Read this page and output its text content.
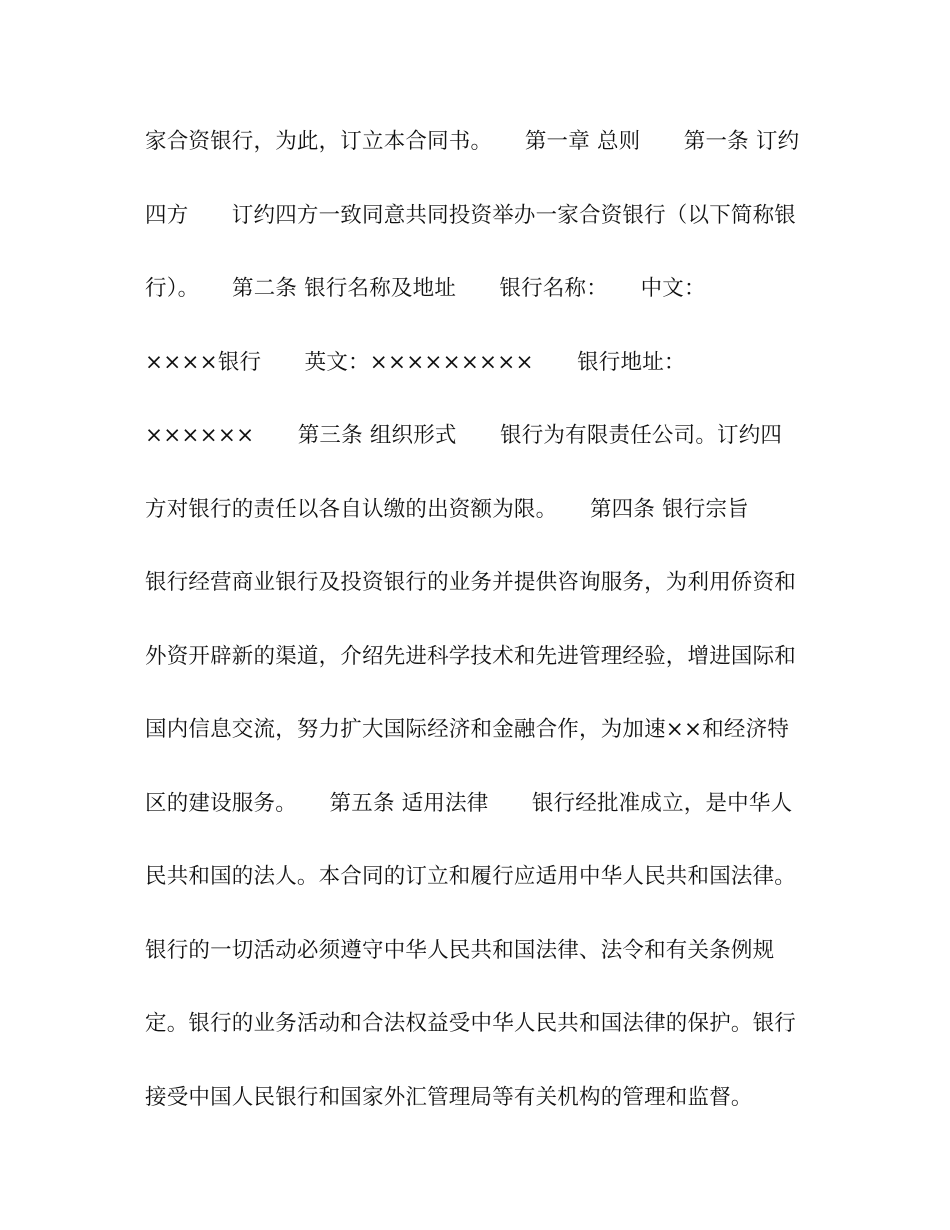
家合资银行，为此，订立本合同书。　　第一章 总则　　第一条 订约
四方　　订约四方一致同意共同投资举办一家合资银行（以下简称银
行）。　　第二条 银行名称及地址　　银行名称：　　中文：
××××银行　　英文：×××××××××　　银行地址：
××××××　　第三条 组织形式　　银行为有限责任公司。订约四
方对银行的责任以各自认缴的出资额为限。　　第四条 银行宗旨
银行经营商业银行及投资银行的业务并提供咨询服务，为利用侨资和
外资开辟新的渠道，介绍先进科学技术和先进管理经验，增进国际和
国内信息交流，努力扩大国际经济和金融合作，为加速××和经济特
区的建设服务。　　第五条 适用法律　　银行经批准成立，是中华人
民共和国的法人。本合同的订立和履行应适用中华人民共和国法律。
银行的一切活动必须遵守中华人民共和国法律、法令和有关条例规
定。银行的业务活动和合法权益受中华人民共和国法律的保护。银行
接受中国人民银行和国家外汇管理局等有关机构的管理和监督。
